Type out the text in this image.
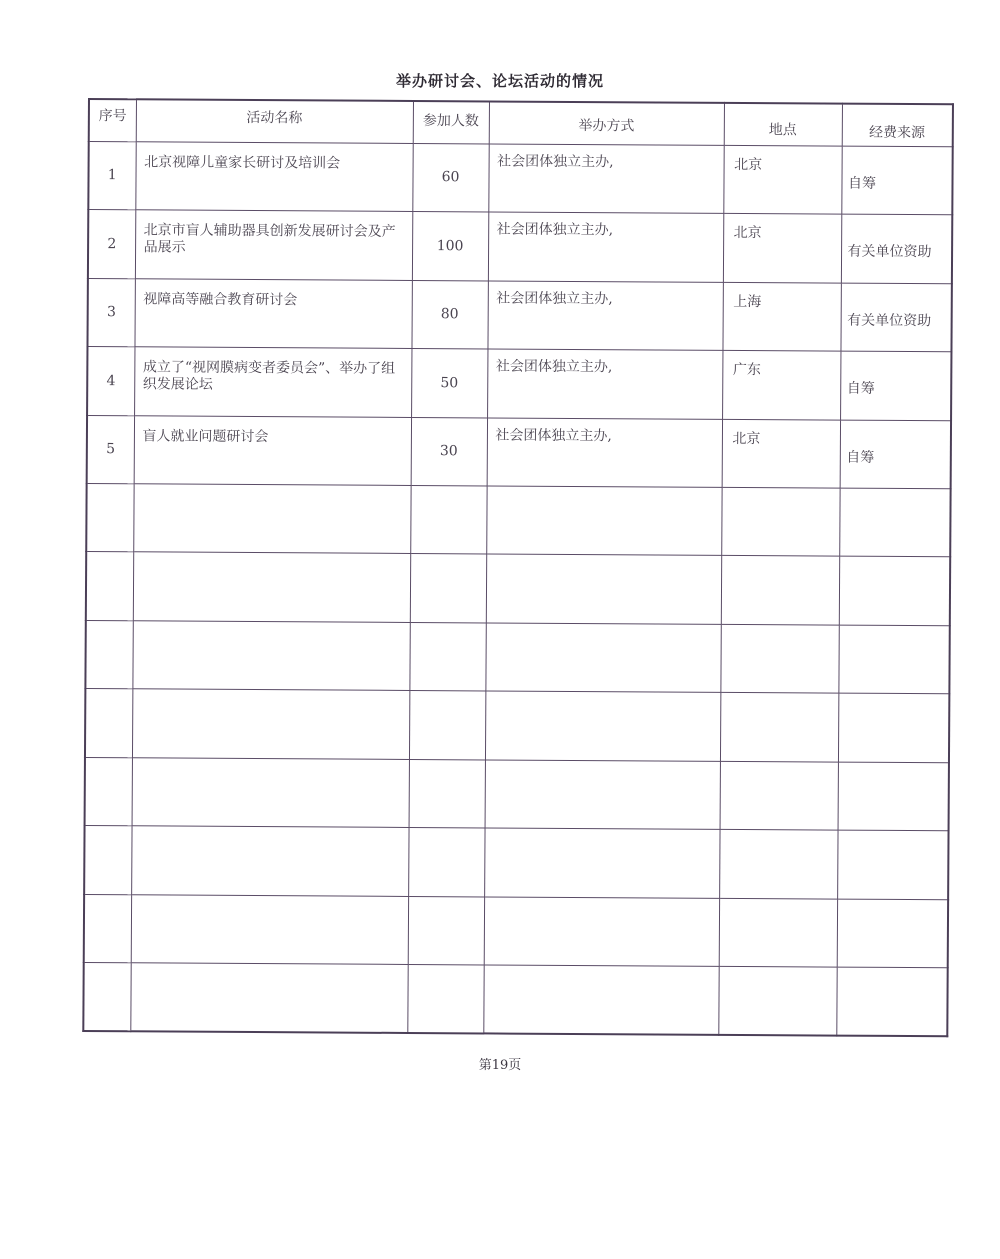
举办研讨会、论坛活动的情况
序号	活动名称	参加人数	举办方式	地点	经费来源
1	北京视障儿童家长研讨及培训会	60	社会团体独立主办,	北京	自筹
2	北京市盲人辅助器具创新发展研讨会及产品展示	100	社会团体独立主办,	北京	有关单位资助
3	视障高等融合教育研讨会	80	社会团体独立主办,	上海	有关单位资助
4	成立了“视网膜病变者委员会”、举办了组织发展论坛	50	社会团体独立主办,	广东	自筹
5	盲人就业问题研讨会	30	社会团体独立主办,	北京	自筹

第19页
